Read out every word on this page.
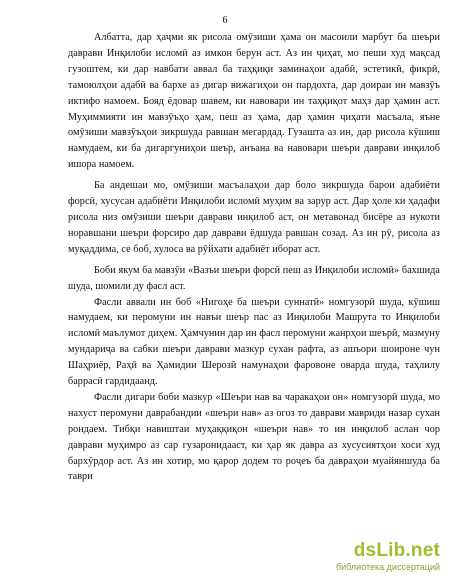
6

Албатта, дар ҳаҷми як рисола омӯзиши ҳама он масоили марбут ба шеъри даврави Инқилоби исломӣ аз имкон берун аст. Аз ин ҷиҳат, мо пеши худ мақсад гузоштем, ки дар навбати аввал ба таҳқиқи заминаҳои адабӣ, эстетикӣ, фикрӣ, тамоюлҳои адабӣ ва бархе аз дигар вижагиҳои он пардохта, дар доираи ин мавзӯъ иктифо намоем. Бояд ёдовар шавем, ки навовари ин таҳқиқот маҳз дар ҳамин аст. Муҳиммияти ин мавзӯъҳо ҳам, пеш аз ҳама, дар ҳамин ҷиҳати масъала, яъне омӯзиши мавзӯъҳои зикршуда равшан мегардад. Гузашта аз ин, дар рисола кӯшиш намудаем, ки ба дигаргуниҳои шеър, анъана ва навовари шеъри даврави инқилоб ишора намоем.

Ба андешаи мо, омӯзиши масъалаҳои дар боло зикршуда барои адабиёти форсӣ, хусусан адабиёти Инқилоби исломӣ муҳим ва зарур аст. Дар ҳоле ки ҳадафи рисола низ омӯзиши шеъри даврави инқилоб аст, он метавонад бисёре аз нукоти норавшани шеъри форсиро дар даврави ёдшуда равшан созад. Аз ин рӯ, рисола аз муқаддима, се боб, хулоса ва рӯйхати адабиёт иборат аст.

Боби якум ба мавзӯи «Вазъи шеъри форсӣ пеш аз Инқилоби исломӣ» бахшида шуда, шомили ду фасл аст.

Фасли аввали ин боб «Нигоҳе ба шеъри суннатӣ» номгузорӣ шуда, кӯшиш намудаем, ки перомуни ин навъи шеър пас аз Инқилоби Машрута то Инқилоби исломӣ маълумот диҳем. Ҳамчунин дар ин фасл перомуни жанрҳои шеърӣ, мазмуну мундариҷа ва сабки шеъри даврави мазкур сухан рафта, аз ашъори шоироне чун Шаҳриёр, Раҳӣ ва Ҳамидии Шерозӣ намунаҳои фаровоне оварда шуда, таҳлилу баррасӣ гардидаанд.

Фасли дигари боби мазкур «Шеъри нав ва чаракаҳои он» номгузорӣ шуда, мо нахуст перомуни даврабандии «шеъри нав» аз огоз то даврави мавриди назар сухан рондаем. Тибқи навиштаи муҳаққиқон «шеъри нав» то ин инқилоб аслан чор даврави муҳимро аз сар гузаронидааст, ки ҳар як давра аз хусусиятҳои хоси худ бархӯрдор аст. Аз ин хотир, мо қарор додем то роҷеъ ба давраҳои муайяншуда ба таври

dsLib.net
библиотека диссертаций
